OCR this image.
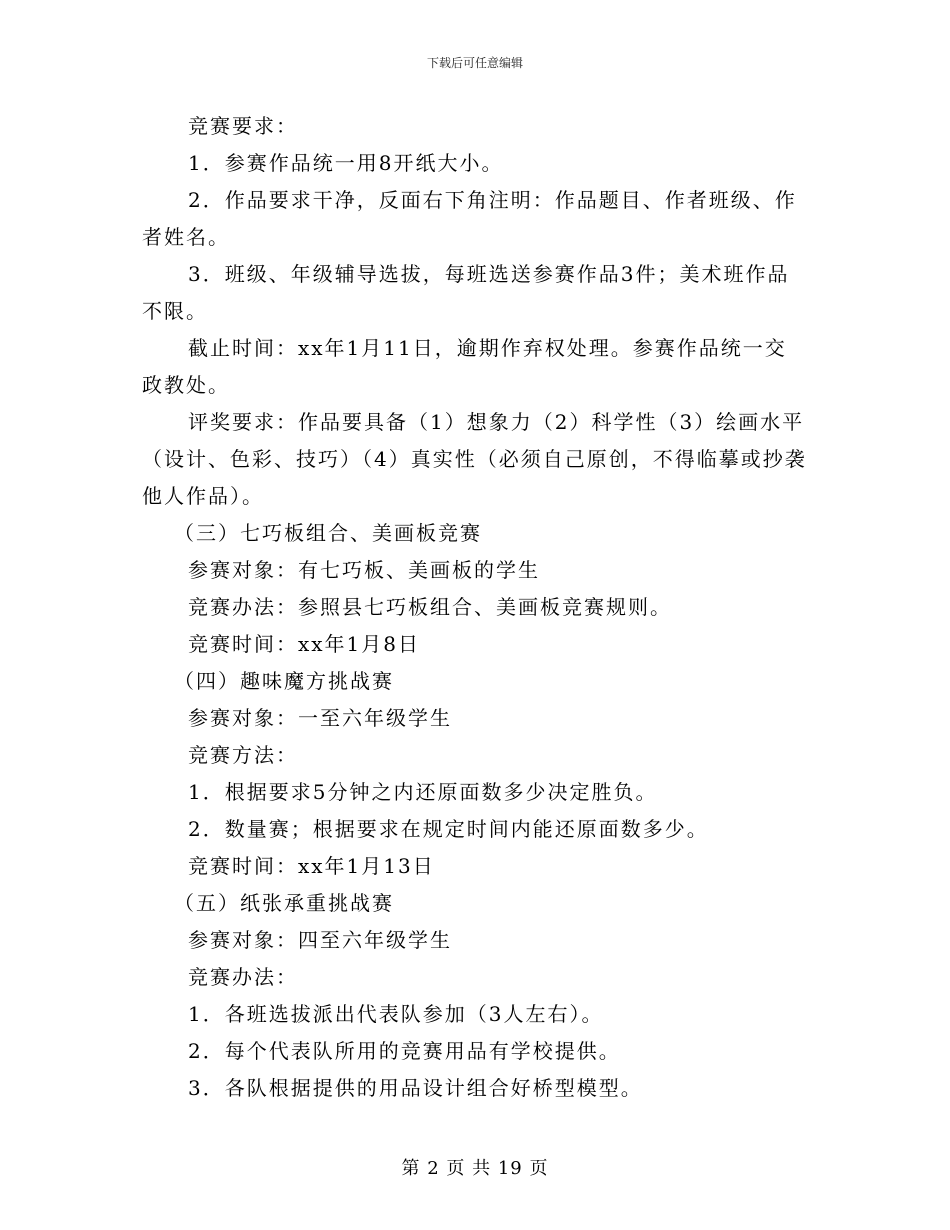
下载后可任意编辑

竞赛要求：

1．参赛作品统一用8开纸大小。

2．作品要求干净，反面右下角注明：作品题目、作者班级、作者姓名。

3．班级、年级辅导选拔，每班选送参赛作品3件；美术班作品不限。

截止时间：xx年1月11日，逾期作弃权处理。参赛作品统一交政教处。

评奖要求：作品要具备（1）想象力（2）科学性（3）绘画水平（设计、色彩、技巧）（4）真实性（必须自己原创，不得临摹或抄袭他人作品）。

（三）七巧板组合、美画板竞赛

参赛对象：有七巧板、美画板的学生

竞赛办法：参照县七巧板组合、美画板竞赛规则。

竞赛时间：xx年1月8日

（四）趣味魔方挑战赛

参赛对象：一至六年级学生

竞赛方法：

1．根据要求5分钟之内还原面数多少决定胜负。

2．数量赛；根据要求在规定时间内能还原面数多少。

竞赛时间：xx年1月13日

（五）纸张承重挑战赛

参赛对象：四至六年级学生

竞赛办法：

1．各班选拔派出代表队参加（3人左右）。

2．每个代表队所用的竞赛用品有学校提供。

3．各队根据提供的用品设计组合好桥型模型。

第 2 页 共 19 页
